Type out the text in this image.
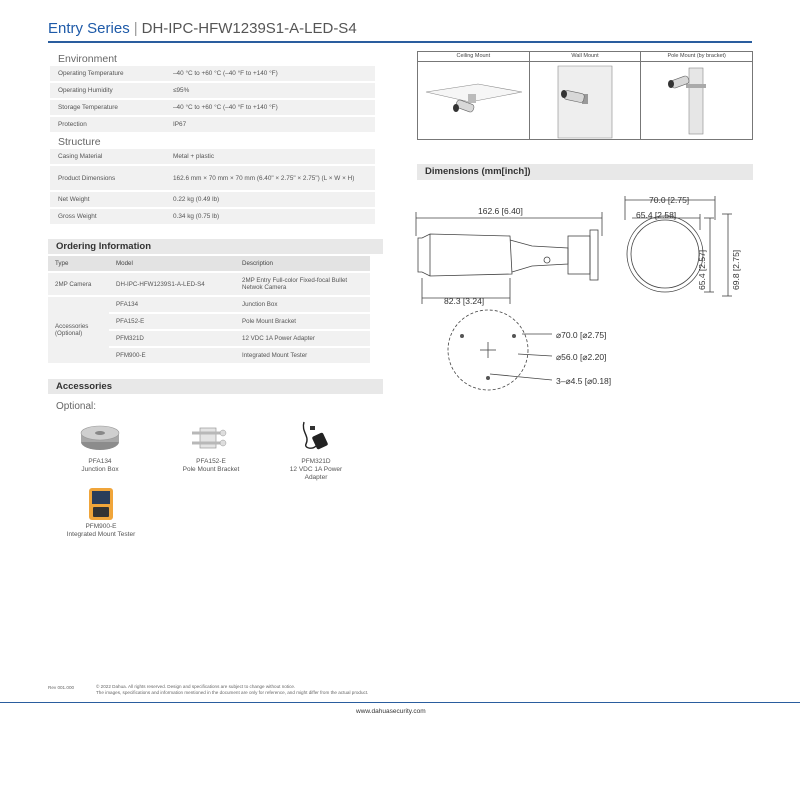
Entry Series | DH-IPC-HFW1239S1-A-LED-S4
Environment
Operating Temperature	–40 °C to +60 °C (–40 °F to +140 °F)
Operating Humidity	≤95%
Storage Temperature	–40 °C to +60 °C (–40 °F to +140 °F)
Protection	IP67
Structure
Casing Material	Metal + plastic
Product Dimensions	162.6 mm × 70 mm × 70 mm (6.40" × 2.75" × 2.75") (L × W × H)
Net Weight	0.22 kg (0.49 lb)
Gross Weight	0.34 kg (0.75 lb)
Ordering Information
Type	Model	Description
2MP Camera	DH-IPC-HFW1239S1-A-LED-S4	2MP Entry Full-color Fixed-focal Bullet Netwok Camera
Accessories (Optional)	PFA134	Junction Box
	PFA152-E	Pole Mount Bracket
	PFM321D	12 VDC 1A Power Adapter
	PFM900-E	Integrated Mount Tester
Accessories
Optional:
PFA134
Junction Box
PFA152-E
Pole Mount Bracket
PFM321D
12 VDC 1A Power Adapter
PFM900-E
Integrated Mount Tester
Ceiling Mount	Wall Mount	Pole Mount (by bracket)
Dimensions (mm[inch])
162.6 [6.40]
70.0 [2.75]
65.4 [2.58]
65.4 [2.57]	69.8 [2.75]
82.3 [3.24]
⌀70.0 [⌀2.75]
⌀56.0 [⌀2.20]
3–⌀4.5 [⌀0.18]
Rev 001.000	© 2022 Dahua. All rights reserved. Design and specifications are subject to change without notice.
The images, specifications and information mentioned in the document are only for reference, and might differ from the actual product.
www.dahuasecurity.com
